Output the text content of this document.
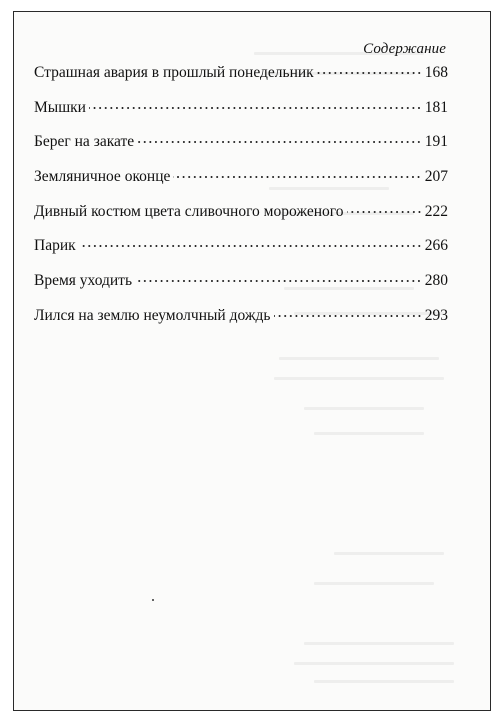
Содержание
Страшная авария в прошлый понедельник	168
Мышки	181
Берег на закате	191
Земляничное оконце	207
Дивный костюм цвета сливочного мороженого	222
Парик	266
Время уходить	280
Лился на землю неумолчный дождь	293
